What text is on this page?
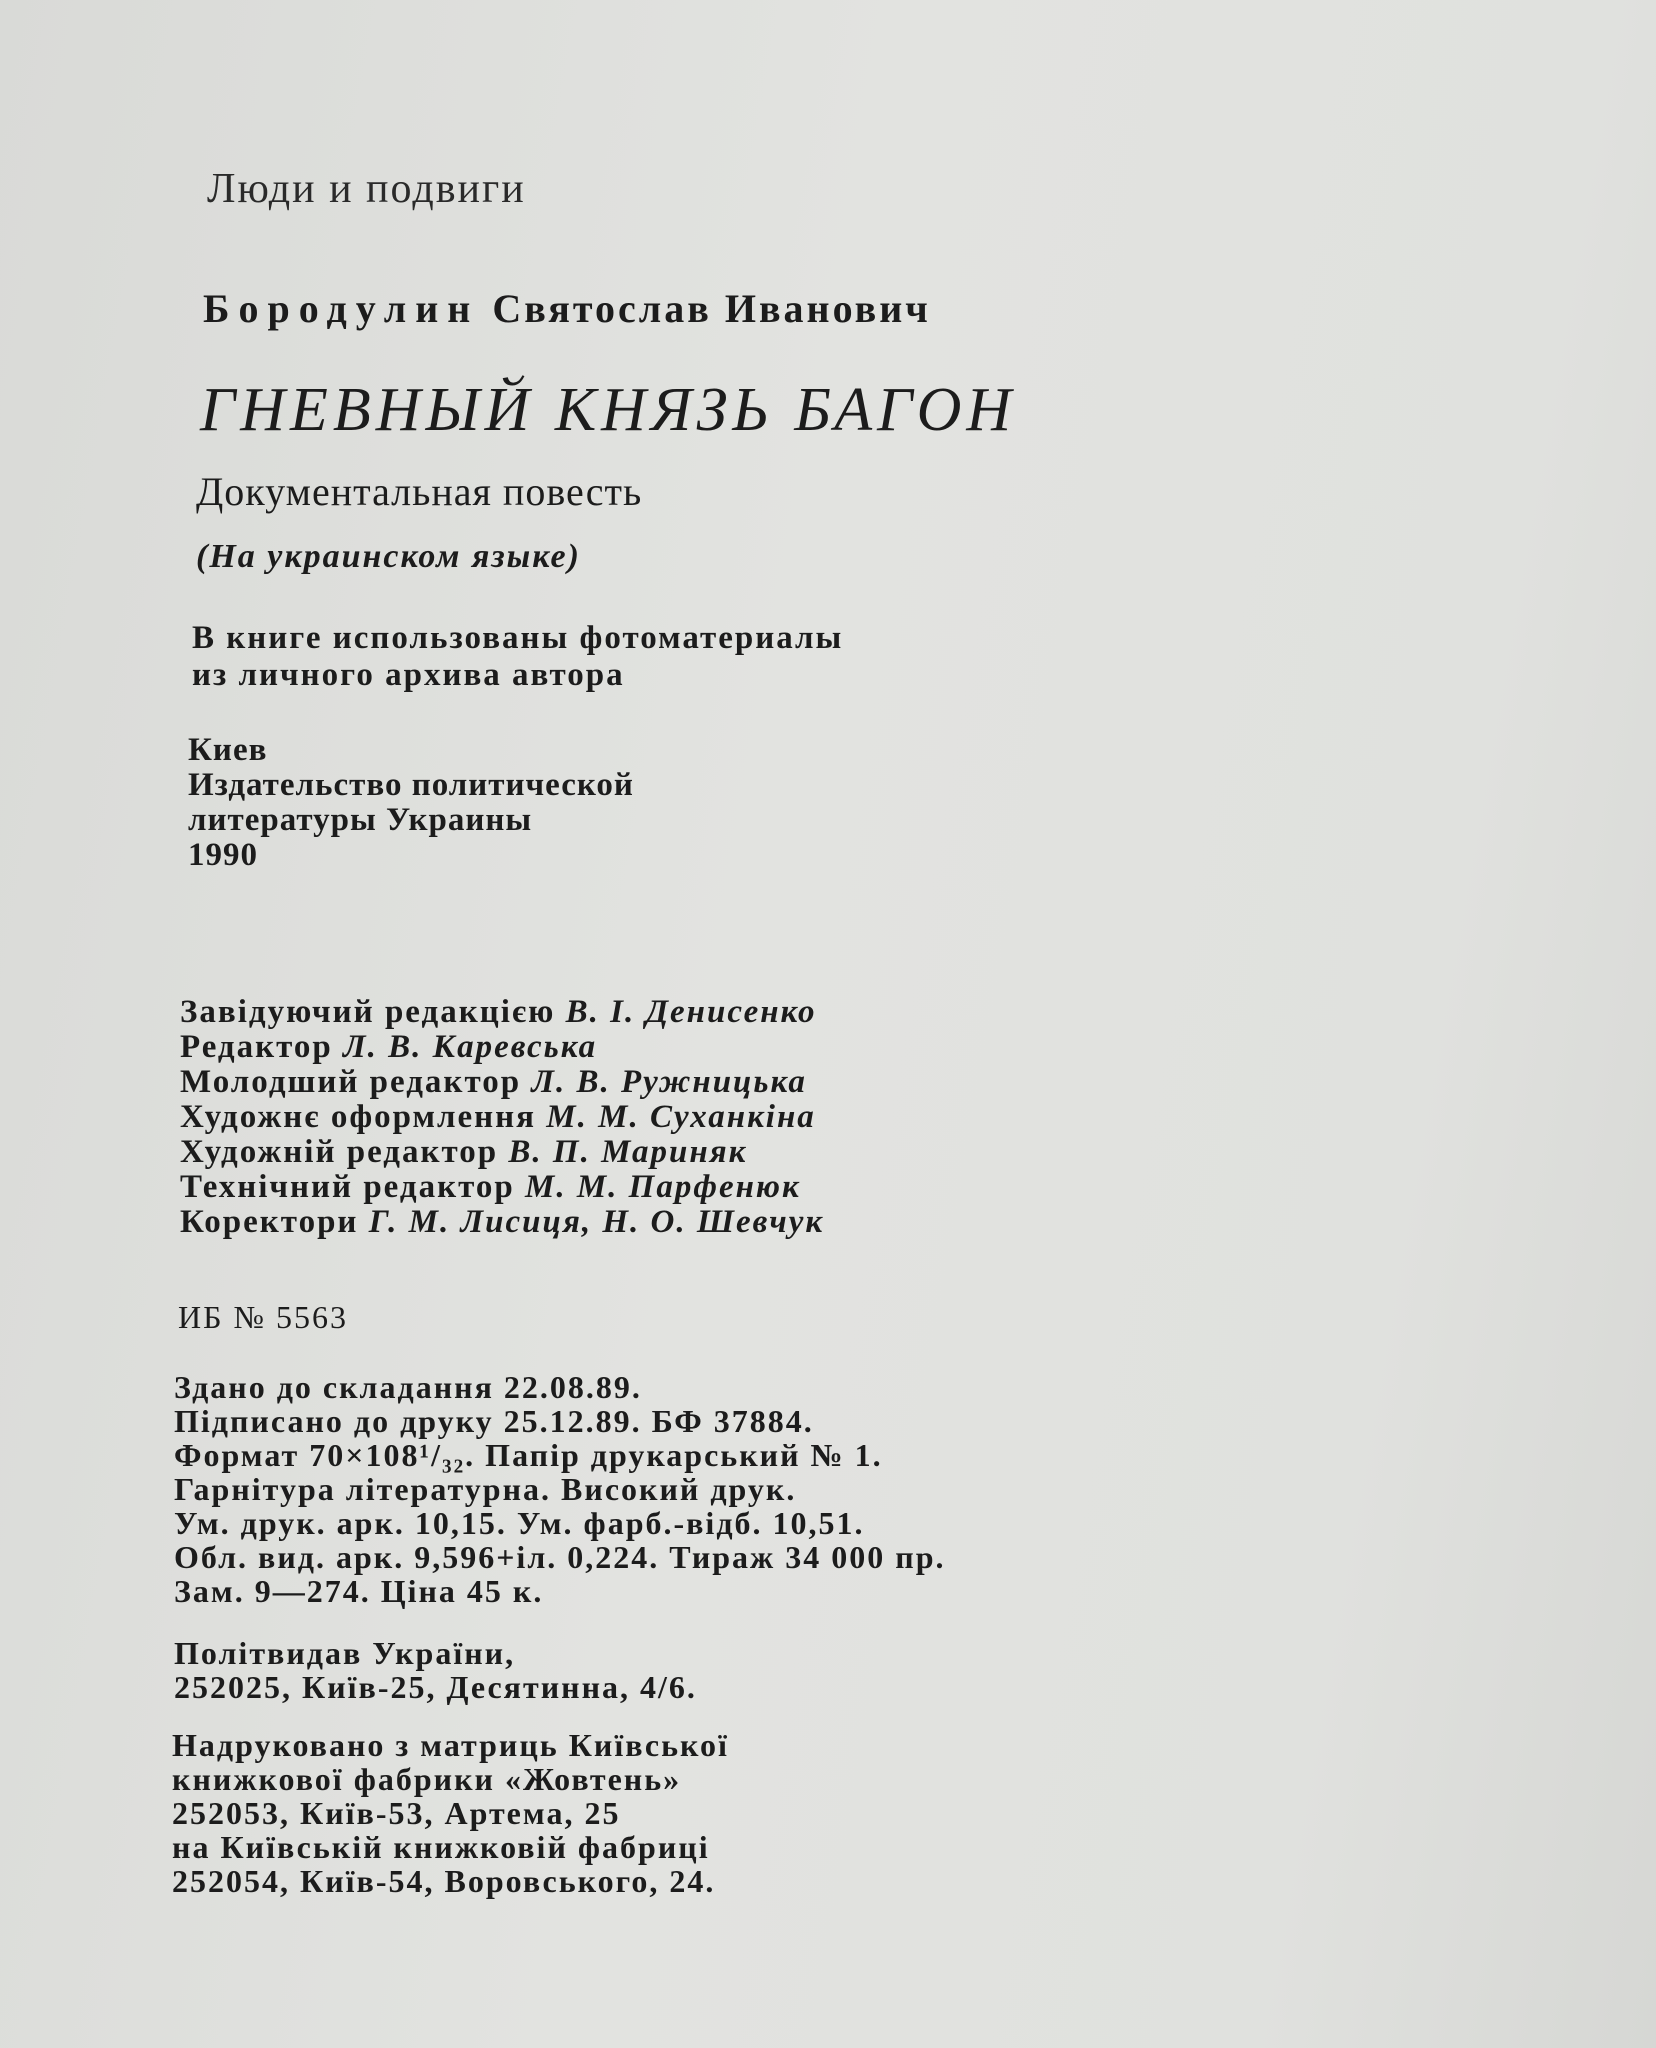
Люди и подвиги
Бородулин Святослав Иванович
ГНЕВНЫЙ КНЯЗЬ БАГОН
Документальная повесть
(На украинском языке)
В книге использованы фотоматериалы
из личного архива автора
Киев
Издательство политической
литературы Украины
1990
Завідуючий редакцією В. І. Денисенко
Редактор Л. В. Каревська
Молодший редактор Л. В. Ружницька
Художнє оформлення М. М. Суханкіна
Художній редактор В. П. Мариняк
Технічний редактор М. М. Парфенюк
Коректори Г. М. Лисиця, Н. О. Шевчук
ИБ № 5563
Здано до складання 22.08.89.
Підписано до друку 25.12.89. БФ 37884.
Формат 70×108¹/₃₂. Папір друкарський № 1.
Гарнітура літературна. Високий друк.
Ум. друк. арк. 10,15. Ум. фарб.-відб. 10,51.
Обл. вид. арк. 9,596+іл. 0,224. Тираж 34 000 пр.
Зам. 9—274. Ціна 45 к.
Політвидав України,
252025, Київ-25, Десятинна, 4/6.
Надруковано з матриць Київської
книжкової фабрики «Жовтень»
252053, Київ-53, Артема, 25
на Київській книжковій фабриці
252054, Київ-54, Воровського, 24.
